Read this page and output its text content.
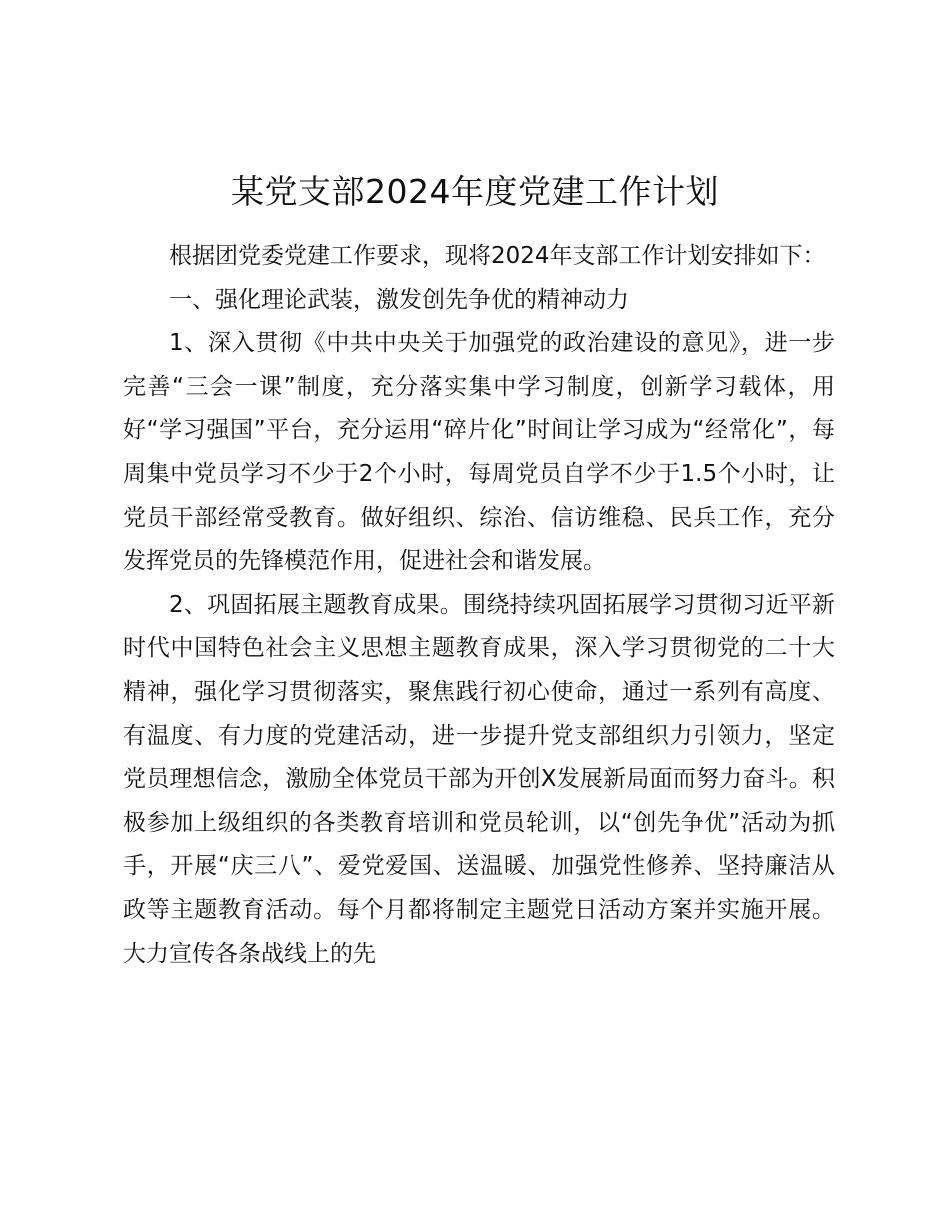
某党支部2024年度党建工作计划

根据团党委党建工作要求，现将2024年支部工作计划安排如下：

一、强化理论武装，激发创先争优的精神动力

1、深入贯彻《中共中央关于加强党的政治建设的意见》，进一步完善“三会一课”制度，充分落实集中学习制度，创新学习载体，用好“学习强国”平台，充分运用“碎片化”时间让学习成为“经常化”，每周集中党员学习不少于2个小时，每周党员自学不少于1.5个小时，让党员干部经常受教育。做好组织、综治、信访维稳、民兵工作，充分发挥党员的先锋模范作用，促进社会和谐发展。

2、巩固拓展主题教育成果。围绕持续巩固拓展学习贯彻习近平新时代中国特色社会主义思想主题教育成果，深入学习贯彻党的二十大精神，强化学习贯彻落实，聚焦践行初心使命，通过一系列有高度、有温度、有力度的党建活动，进一步提升党支部组织力引领力，坚定党员理想信念，激励全体党员干部为开创X发展新局面而努力奋斗。积极参加上级组织的各类教育培训和党员轮训，以“创先争优”活动为抓手，开展“庆三八”、爱党爱国、送温暖、加强党性修养、坚持廉洁从政等主题教育活动。每个月都将制定主题党日活动方案并实施开展。大力宣传各条战线上的先
